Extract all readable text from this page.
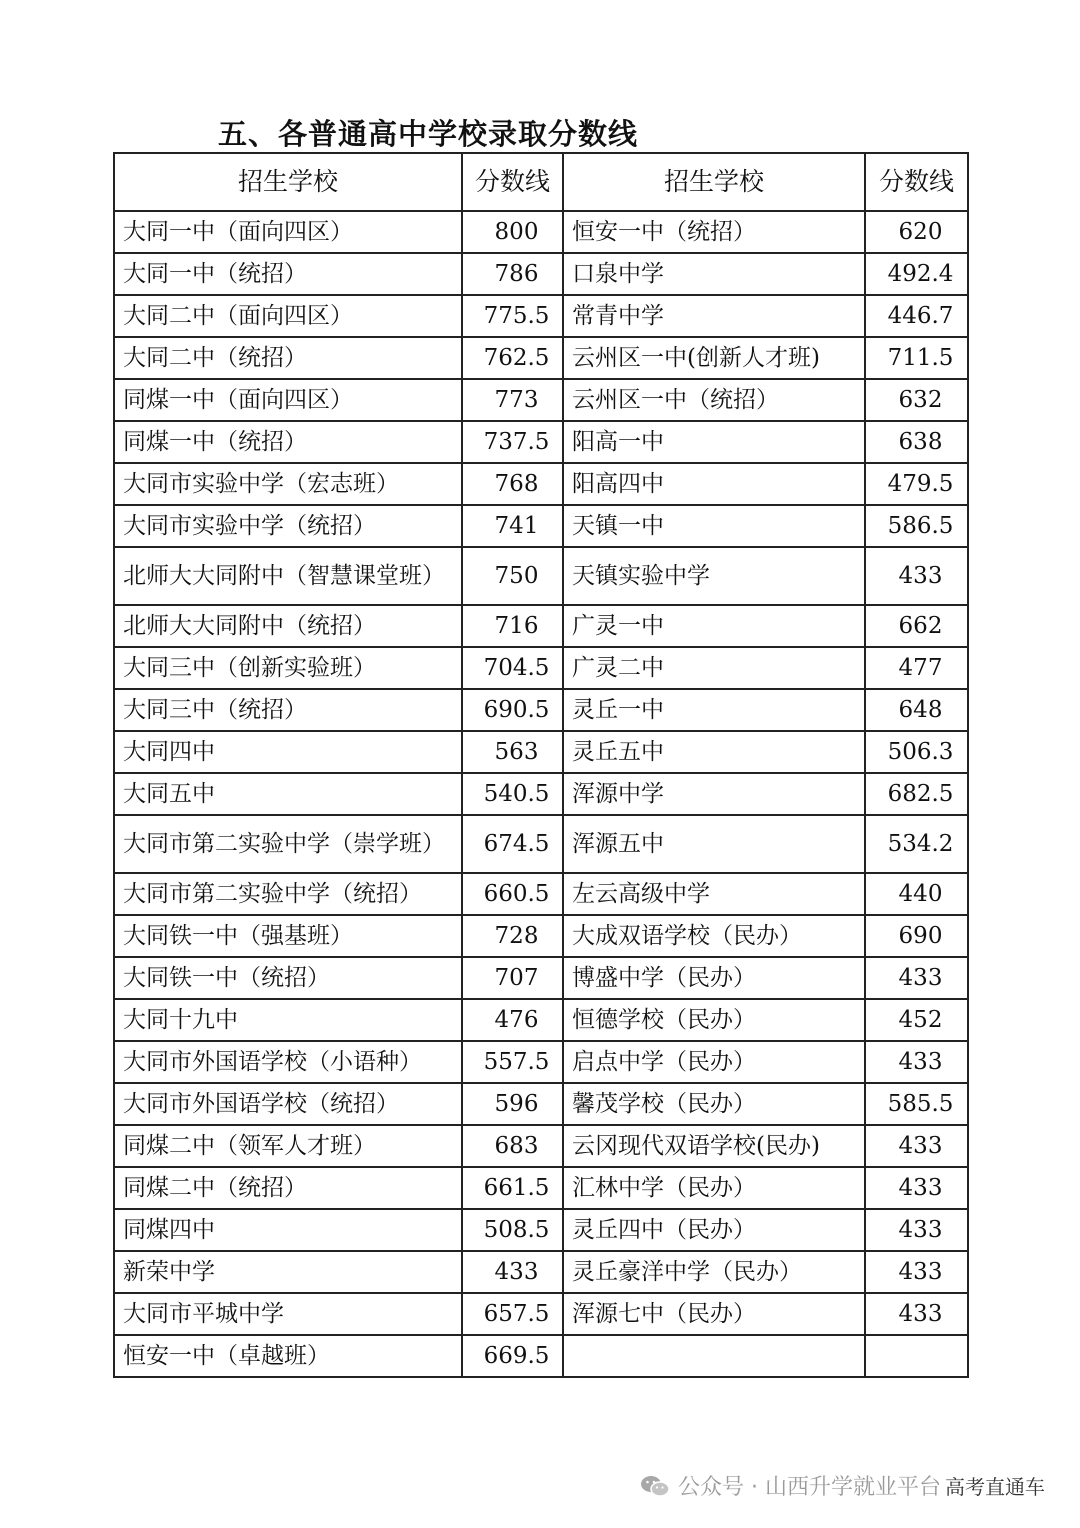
五、各普通高中学校录取分数线
招生学校	分数线	招生学校	分数线
大同一中（面向四区）	800	恒安一中（统招）	620
大同一中（统招）	786	口泉中学	492.4
大同二中（面向四区）	775.5	常青中学	446.7
大同二中（统招）	762.5	云州区一中(创新人才班)	711.5
同煤一中（面向四区）	773	云州区一中（统招）	632
同煤一中（统招）	737.5	阳高一中	638
大同市实验中学（宏志班）	768	阳高四中	479.5
大同市实验中学（统招）	741	天镇一中	586.5
北师大大同附中（智慧课堂班）	750	天镇实验中学	433
北师大大同附中（统招）	716	广灵一中	662
大同三中（创新实验班）	704.5	广灵二中	477
大同三中（统招）	690.5	灵丘一中	648
大同四中	563	灵丘五中	506.3
大同五中	540.5	浑源中学	682.5
大同市第二实验中学（崇学班）	674.5	浑源五中	534.2
大同市第二实验中学（统招）	660.5	左云高级中学	440
大同铁一中（强基班）	728	大成双语学校（民办）	690
大同铁一中（统招）	707	博盛中学（民办）	433
大同十九中	476	恒德学校（民办）	452
大同市外国语学校（小语种）	557.5	启点中学（民办）	433
大同市外国语学校（统招）	596	馨茂学校（民办）	585.5
同煤二中（领军人才班）	683	云冈现代双语学校(民办)	433
同煤二中（统招）	661.5	汇林中学（民办）	433
同煤四中	508.5	灵丘四中（民办）	433
新荣中学	433	灵丘豪洋中学（民办）	433
大同市平城中学	657.5	浑源七中（民办）	433
恒安一中（卓越班）	669.5		
公众号 · 山西升学就业平台 高考直通车
